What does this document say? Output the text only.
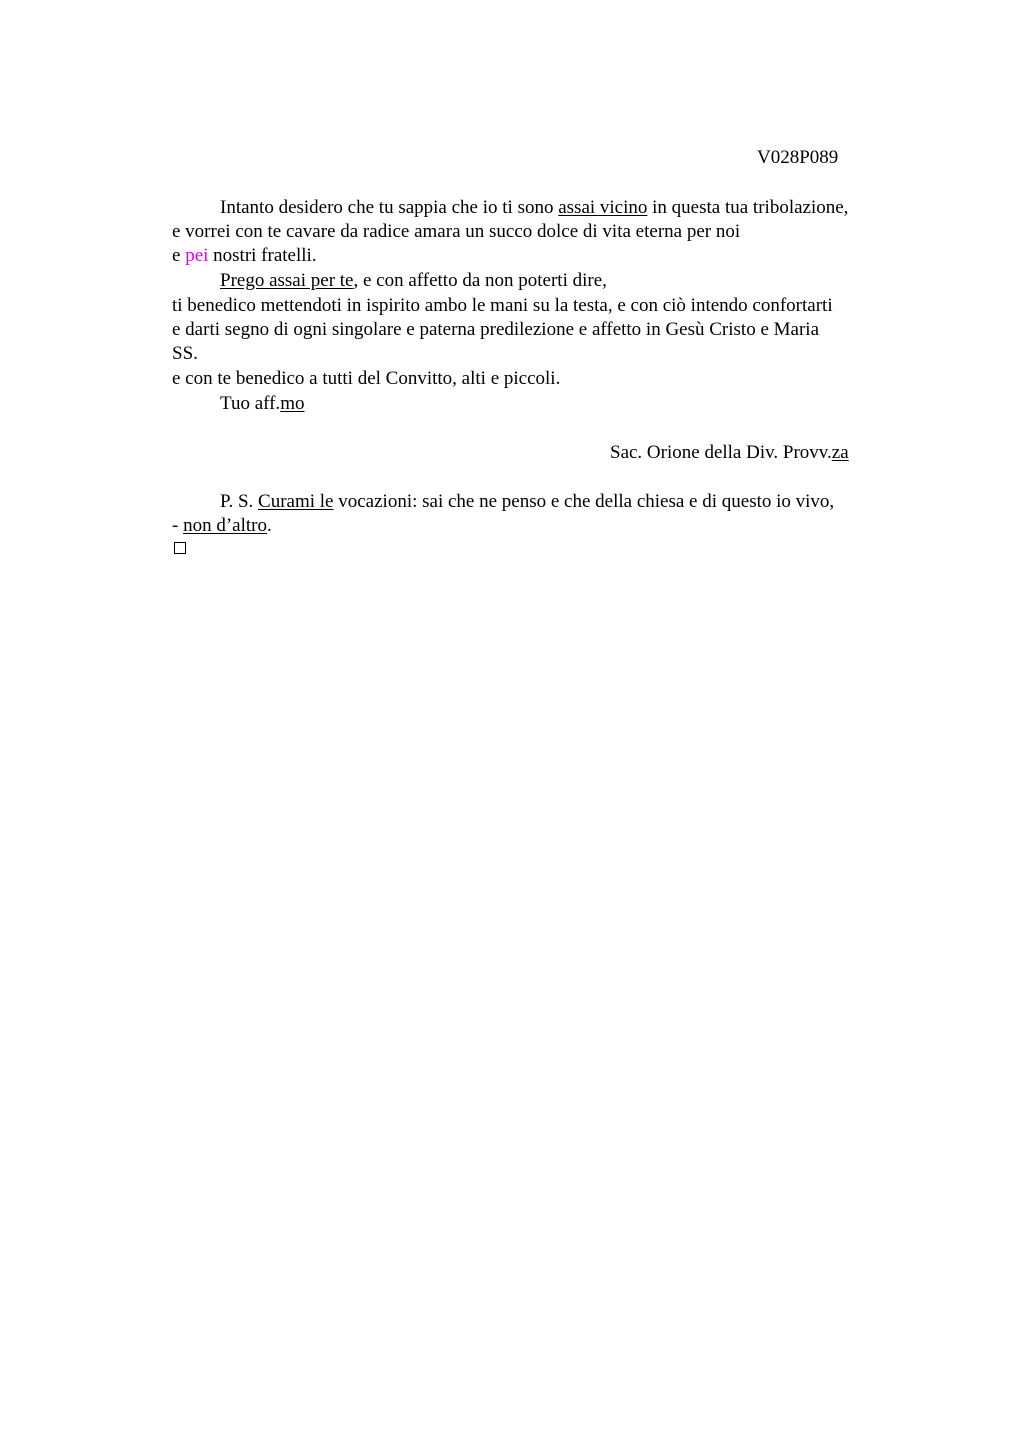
V028P089
Intanto desidero che tu sappia che io ti sono assai vicino in questa tua tribolazione,
e vorrei con te cavare da radice amara un succo dolce di vita eterna per noi
e pei nostri fratelli.
Prego assai per te, e con affetto da non poterti dire,
ti benedico mettendoti in ispirito ambo le mani su la testa, e con ciò intendo confortarti
e darti segno di ogni singolare e paterna predilezione e affetto in Gesù Cristo e Maria
SS.
e con te benedico a tutti del Convitto, alti e piccoli.
Tuo aff.mo
Sac. Orione della Div. Provv.za
P. S. Curami le vocazioni: sai che ne penso e che della chiesa e di questo io vivo,
- non d’altro.
